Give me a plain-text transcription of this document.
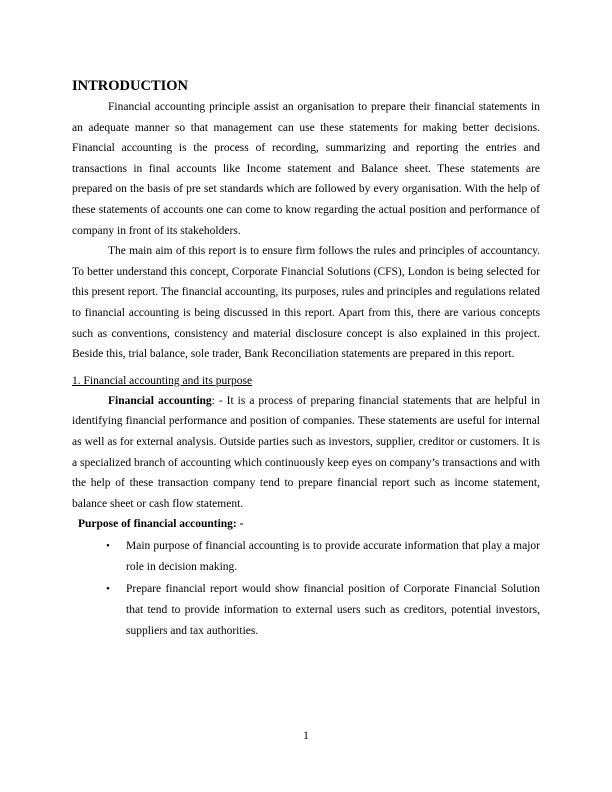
INTRODUCTION

Financial accounting principle assist an organisation to prepare their financial statements in an adequate manner so that management can use these statements for making better decisions. Financial accounting is the process of recording, summarizing and reporting the entries and transactions in final accounts like Income statement and Balance sheet. These statements are prepared on the basis of pre set standards which are followed by every organisation. With the help of these statements of accounts one can come to know regarding the actual position and performance of company in front of its stakeholders.

The main aim of this report is to ensure firm follows the rules and principles of accountancy. To better understand this concept, Corporate Financial Solutions (CFS), London is being selected for this present report. The financial accounting, its purposes, rules and principles and regulations related to financial accounting is being discussed in this report. Apart from this, there are various concepts such as conventions, consistency and material disclosure concept is also explained in this project. Beside this, trial balance, sole trader, Bank Reconciliation statements are prepared in this report.

1. Financial accounting and its purpose

Financial accounting: - It is a process of preparing financial statements that are helpful in identifying financial performance and position of companies. These statements are useful for internal as well as for external analysis. Outside parties such as investors, supplier, creditor or customers. It is a specialized branch of accounting which continuously keep eyes on company’s transactions and with the help of these transaction company tend to prepare financial report such as income statement, balance sheet or cash flow statement.

Purpose of financial accounting: -
• Main purpose of financial accounting is to provide accurate information that play a major role in decision making.
• Prepare financial report would show financial position of Corporate Financial Solution that tend to provide information to external users such as creditors, potential investors, suppliers and tax authorities.
1
